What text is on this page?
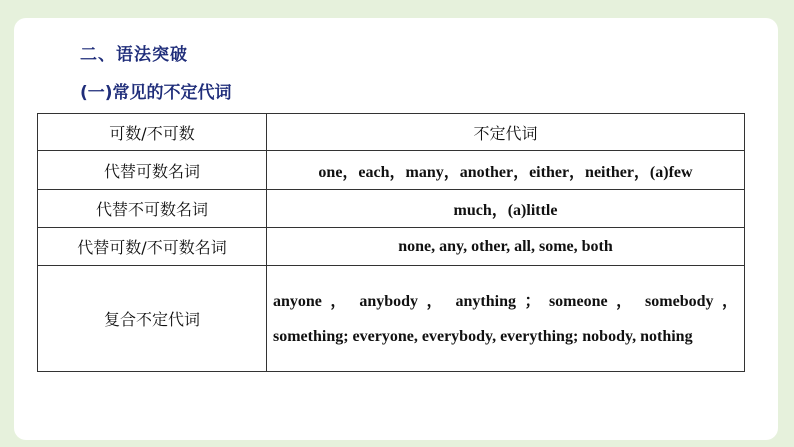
二、语法突破
(一)常见的不定代词
可数/不可数	不定代词
代替可数名词	one，each，many，another，either，neither，(a)few
代替不可数名词	much，(a)little
代替可数/不可数名词	none, any, other, all, some, both
复合不定代词	anyone ， anybody ， anything ； someone ， somebody ， something; everyone, everybody, everything; nobody, nothing
